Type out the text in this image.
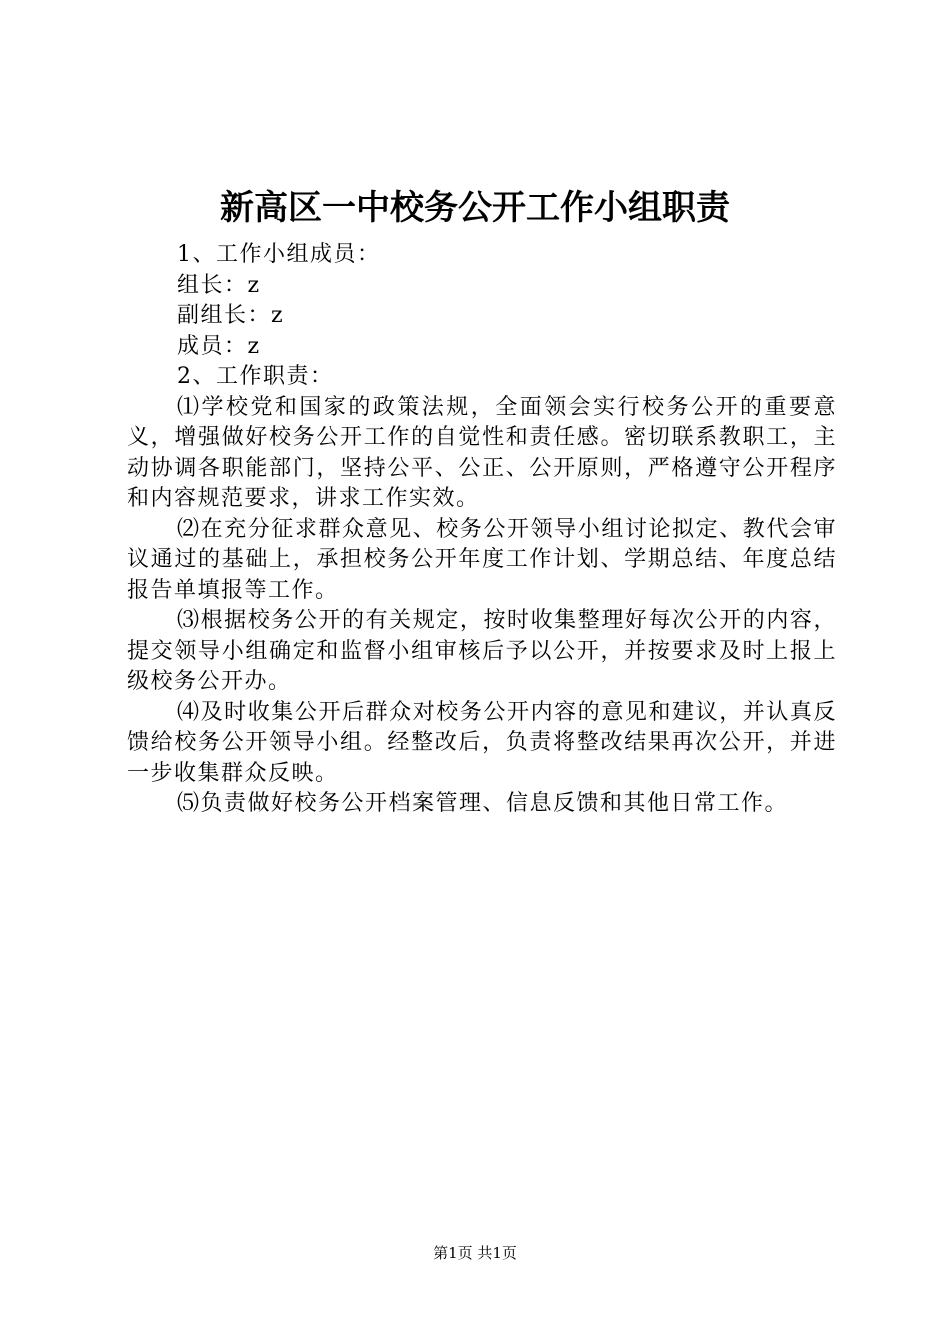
新高区一中校务公开工作小组职责

1、工作小组成员：

组长：z

副组长：z

成员：z

2、工作职责：

⑴学校党和国家的政策法规，全面领会实行校务公开的重要意义，增强做好校务公开工作的自觉性和责任感。密切联系教职工，主动协调各职能部门，坚持公平、公正、公开原则，严格遵守公开程序和内容规范要求，讲求工作实效。

⑵在充分征求群众意见、校务公开领导小组讨论拟定、教代会审议通过的基础上，承担校务公开年度工作计划、学期总结、年度总结报告单填报等工作。

⑶根据校务公开的有关规定，按时收集整理好每次公开的内容，提交领导小组确定和监督小组审核后予以公开，并按要求及时上报上级校务公开办。

⑷及时收集公开后群众对校务公开内容的意见和建议，并认真反馈给校务公开领导小组。经整改后，负责将整改结果再次公开，并进一步收集群众反映。

⑸负责做好校务公开档案管理、信息反馈和其他日常工作。

第1页 共1页
